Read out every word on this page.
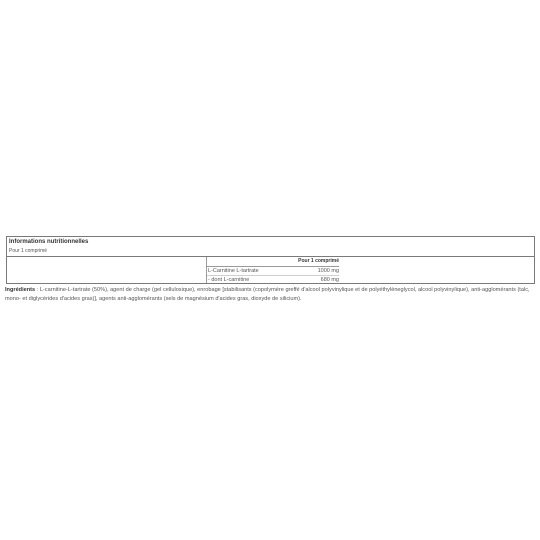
Informations nutritionnelles
Pour 1 comprimé
Pour 1 comprimé
L-Carnitine L-tartrate	1000 mg
- dont L-carnitine	680 mg
Ingrédients : L-carnitine-L-tartrate (50%), agent de charge (gel cellulosique), enrobage [stabilisants (copolymère greffé d'alcool polyvinylique et de polyéthylèneglycol, alcool polyvinylique), anti-agglomérants (talc, mono- et diglycérides d'acides gras)], agents anti-agglomérants (sels de magnésium d'acides gras, dioxyde de silicium).
